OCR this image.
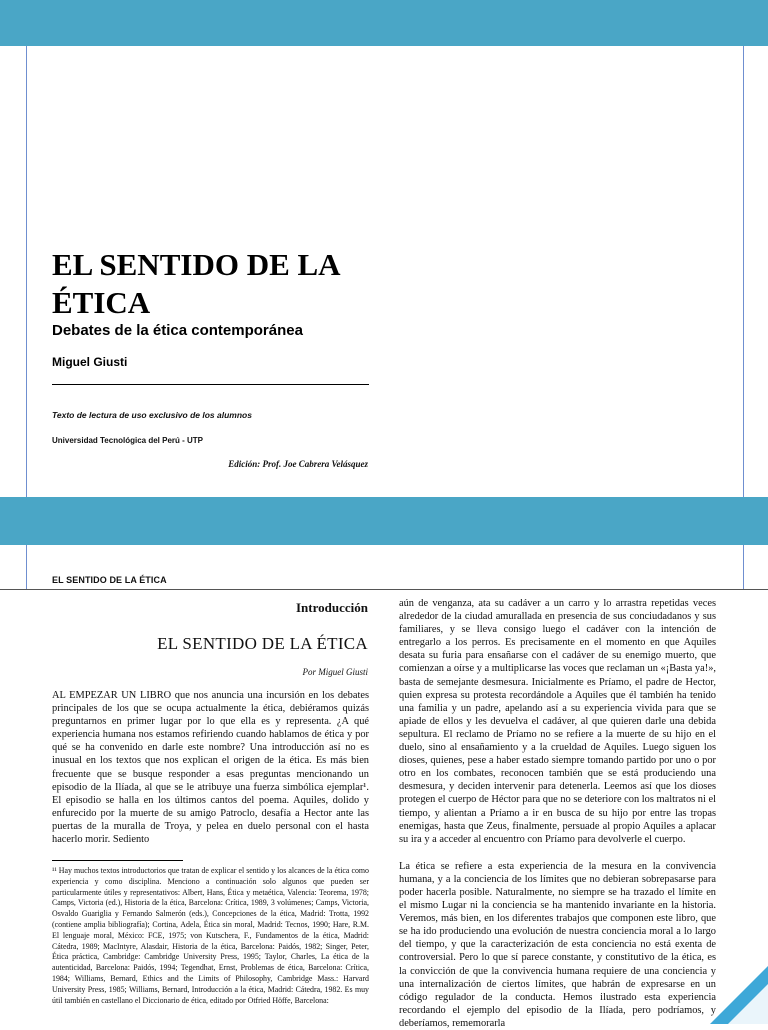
EL SENTIDO DE LA ÉTICA

Debates de la ética contemporánea

Miguel Giusti

Texto de lectura de uso exclusivo de los alumnos

Universidad Tecnológica del Perú - UTP

Edición: Prof. Joe Cabrera Velásquez

EL SENTIDO DE LA ÉTICA

Introducción

EL SENTIDO DE LA ÉTICA

Por Miguel Giusti

AL EMPEZAR UN LIBRO que nos anuncia una incursión en los debates principales de los que se ocupa actualmente la ética, debiéramos quizás preguntarnos en primer lugar por lo que ella es y representa. ¿A qué experiencia humana nos estamos refiriendo cuando hablamos de ética y por qué se ha convenido en darle este nombre? Una introducción así no es inusual en los textos que nos explican el origen de la ética. Es más bien frecuente que se busque responder a esas preguntas mencionando un episodio de la Ilíada, al que se le atribuye una fuerza simbólica ejemplar¹. El episodio se halla en los últimos cantos del poema. Aquiles, dolido y enfurecido por la muerte de su amigo Patroclo, desafía a Hector ante las puertas de la muralla de Troya, y pelea en duelo personal con el hasta hacerlo morir. Sediento

¹¹ Hay muchos textos introductorios que tratan de explicar el sentido y los alcances de la ética como experiencia y como disciplina. Menciono a continuación solo algunos que pueden ser particularmente útiles y representativos: Albert, Hans, Ética y metaética, Valencia: Teorema, 1978; Camps, Victoria (ed.), Historia de la ética, Barcelona: Crítica, 1989, 3 volúmenes; Camps, Victoria, Osvaldo Guariglia y Fernando Salmerón (eds.), Concepciones de la ética, Madrid: Trotta, 1992 (contiene amplia bibliografía); Cortina, Adela, Ética sin moral, Madrid: Tecnos, 1990; Hare, R.M. El lenguaje moral, México: FCE, 1975; von Kutschera, F., Fundamentos de la ética, Madrid: Cátedra, 1989; MacIntyre, Alasdair, Historia de la ética, Barcelona: Paidós, 1982; Singer, Peter, Ética práctica, Cambridge: Cambridge University Press, 1995; Taylor, Charles, La ética de la autenticidad, Barcelona: Paidós, 1994; Tegendhat, Ernst, Problemas de ética, Barcelona: Crítica, 1984; Williams, Bernard, Ethics and the Limits of Philosophy, Cambridge Mass.: Harvard University Press, 1985; Williams, Bernard, Introducción a la ética, Madrid: Cátedra, 1982. Es muy útil también en castellano el Diccionario de ética, editado por Otfried Höffe, Barcelona:

aún de venganza, ata su cadáver a un carro y lo arrastra repetidas veces alrededor de la ciudad amurallada en presencia de sus conciudadanos y sus familiares, y se lleva consigo luego el cadáver con la intención de entregarlo a los perros. Es precisamente en el momento en que Aquiles desata su furia para ensañarse con el cadáver de su enemigo muerto, que comienzan a oírse y a multiplicarse las voces que reclaman un «¡Basta ya!», basta de semejante desmesura. Inicialmente es Príamo, el padre de Hector, quien expresa su protesta recordándole a Aquiles que él también ha tenido una familia y un padre, apelando así a su experiencia vivida para que se apiade de ellos y les devuelva el cadáver, al que quieren darle una debida sepultura. El reclamo de Príamo no se refiere a la muerte de su hijo en el duelo, sino al ensañamiento y a la crueldad de Aquiles. Luego siguen los dioses, quienes, pese a haber estado siempre tomando partido por uno o por otro en los combates, reconocen también que se está produciendo una desmesura, y deciden intervenir para detenerla. Leemos así que los dioses protegen el cuerpo de Héctor para que no se deteriore con los maltratos ni el tiempo, y alientan a Príamo a ir en busca de su hijo por entre las tropas enemigas, hasta que Zeus, finalmente, persuade al propio Aquiles a aplacar su ira y a acceder al encuentro con Príamo para devolverle el cuerpo.

La ética se refiere a esta experiencia de la mesura en la convivencia humana, y a la conciencia de los límites que no debieran sobrepasarse para poder hacerla posible. Naturalmente, no siempre se ha trazado el límite en el mismo Lugar ni la conciencia se ha mantenido invariante en la historia. Veremos, más bien, en los diferentes trabajos que componen este libro, que se ha ido produciendo una evolución de nuestra conciencia moral a lo largo del tiempo, y que la caracterización de esta conciencia no está exenta de controversial. Pero lo que sí parece constante, y constitutivo de la ética, es la convicción de que la convivencia humana requiere de una conciencia y una internalización de ciertos límites, que habrán de expresarse en un código regulador de la conducta. Hemos ilustrado esta experiencia recordando el ejemplo del episodio de la Ilíada, pero podríamos, y deberíamos, rememorarla
